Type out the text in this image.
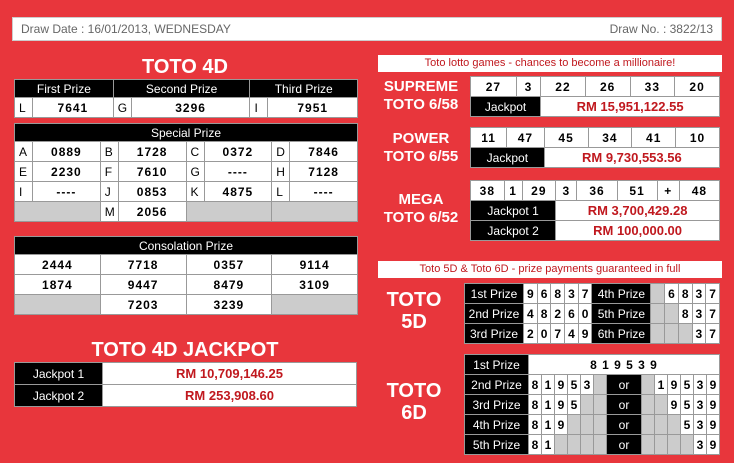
Draw Date : 16/01/2013, WEDNESDAY	Draw No. : 3822/13
TOTO 4D
First Prize		Second Prize		Third Prize	
L	7641	G	3296	I	7951
Special Prize							
A	0889	B	1728	C	0372	D	7846
E	2230	F	7610	G	----	H	7128
I	----	J	0853	K	4875	L	----
		M	2056				
Consolation Prize			
2444	7718	0357	9114
1874	9447	8479	3109
	7203	3239	
TOTO 4D JACKPOT
Jackpot 1	RM 10,709,146.25
Jackpot 2	RM 253,908.60
Toto lotto games - chances to become a millionaire!
SUPREME
TOTO 6/58
27	3	22	26	33	20
Jackpot		RM 15,951,122.55			
POWER
TOTO 6/55
11	47	45	34	41	10
Jackpot		RM 9,730,553.56			
MEGA
TOTO 6/52
38	1	29	3	36	51	+	48
Jackpot 1			RM 3,700,429.28				
Jackpot 2			RM 100,000.00				
Toto 5D & Toto 6D - prize payments guaranteed in full
TOTO
5D
1st Prize	9	6	8	3	7	4th Prize		6	8	3	7
2nd Prize	4	8	2	6	0	5th Prize			8	3	7
3rd Prize	2	0	7	4	9	6th Prize				3	7
TOTO
6D
1st Prize	8 1 9 5 3 9												
2nd Prize	8	1	9	5	3		or		1	9	5	3	9
3rd Prize	8	1	9	5			or			9	5	3	9
4th Prize	8	1	9				or				5	3	9
5th Prize	8	1					or					3	9
